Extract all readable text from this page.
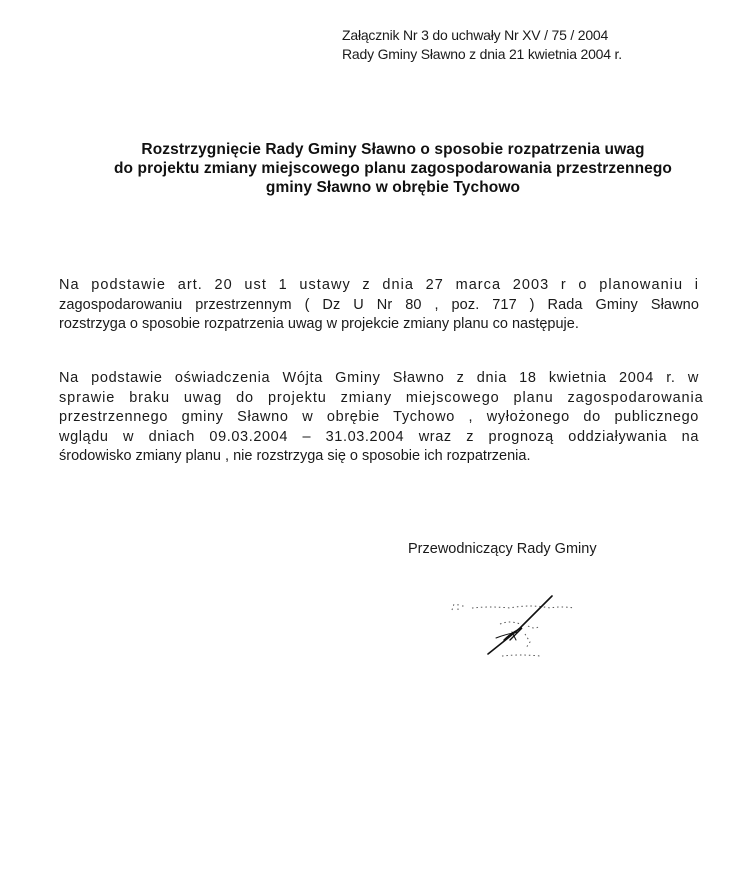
Załącznik Nr 3 do uchwały Nr XV / 75 / 2004
Rady Gminy Sławno z dnia 21 kwietnia 2004 r.
Rozstrzygnięcie Rady Gminy Sławno o sposobie rozpatrzenia uwag
do projektu zmiany miejscowego planu zagospodarowania przestrzennego
gminy Sławno w obrębie Tychowo
Na podstawie art. 20 ust 1 ustawy z dnia 27 marca 2003 r o planowaniu i
zagospodarowaniu przestrzennym ( Dz U Nr 80 , poz. 717 ) Rada Gminy Sławno
rozstrzyga o sposobie rozpatrzenia uwag w projekcie zmiany planu co następuje.
Na podstawie oświadczenia Wójta Gminy Sławno z dnia 18 kwietnia 2004 r. w
sprawie braku uwag do projektu zmiany miejscowego planu zagospodarowania
przestrzennego gminy Sławno w obrębie Tychowo , wyłożonego do publicznego
wglądu w dniach 09.03.2004 – 31.03.2004 wraz z prognozą oddziaływania na
środowisko zmiany planu , nie rozstrzyga się o sposobie ich rozpatrzenia.
Przewodniczący Rady Gminy
